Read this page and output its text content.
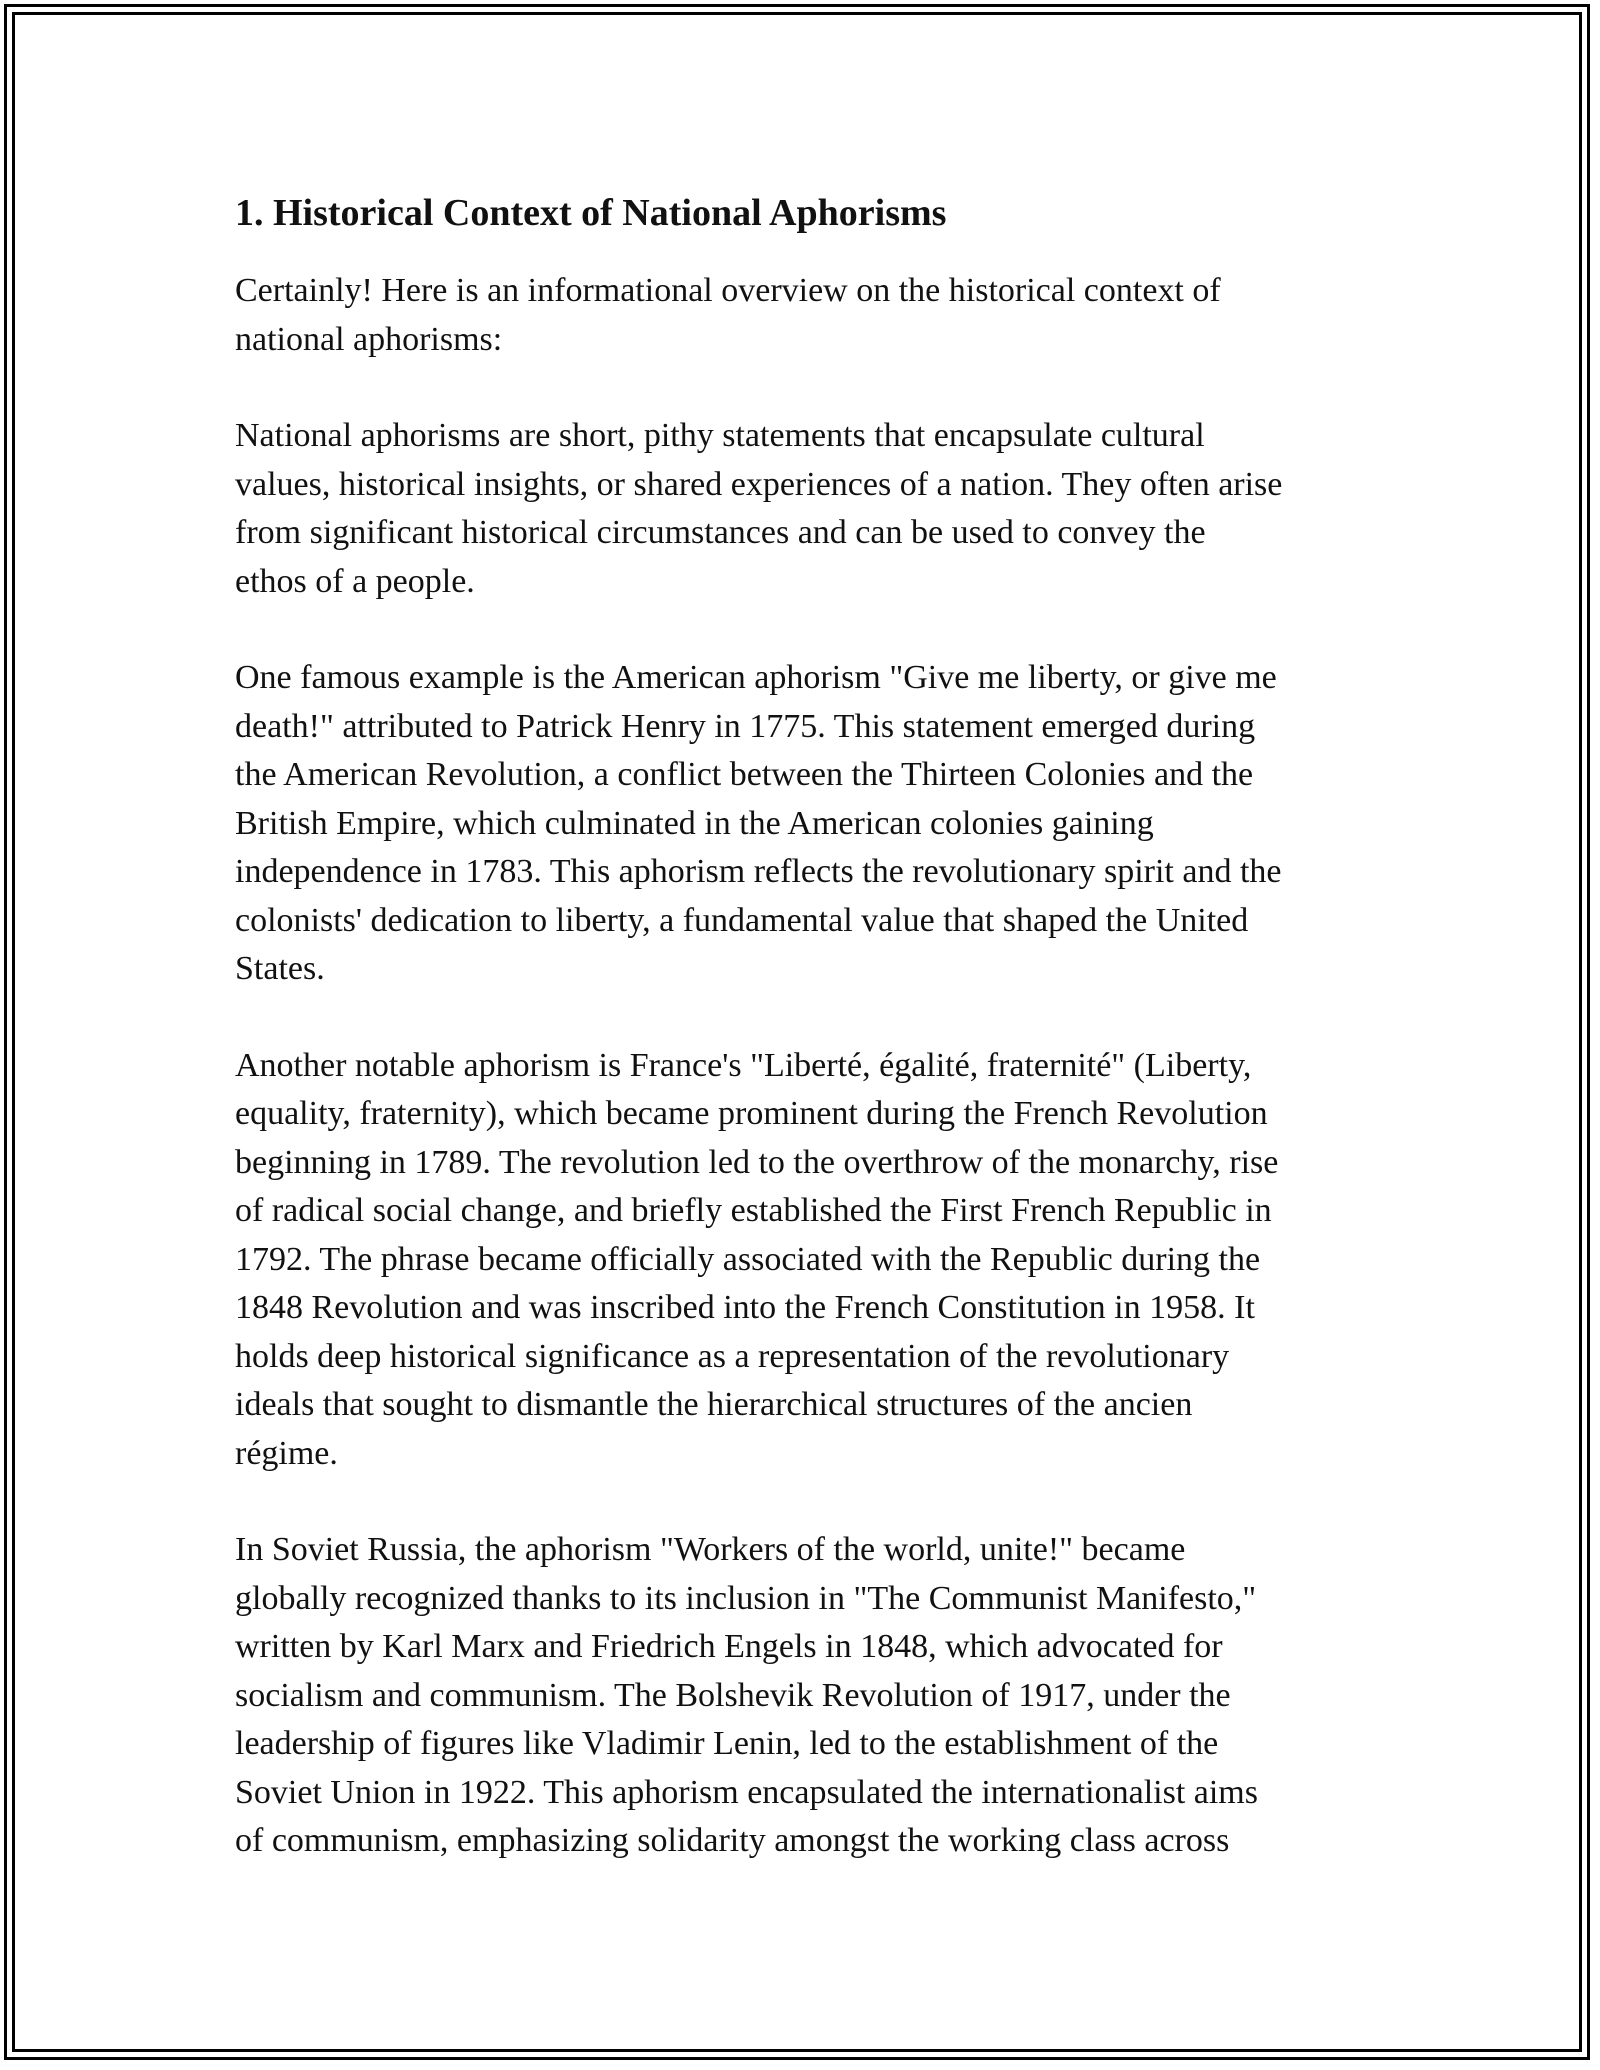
1. Historical Context of National Aphorisms

Certainly! Here is an informational overview on the historical context of
national aphorisms:

National aphorisms are short, pithy statements that encapsulate cultural
values, historical insights, or shared experiences of a nation. They often arise
from significant historical circumstances and can be used to convey the
ethos of a people.

One famous example is the American aphorism "Give me liberty, or give me
death!" attributed to Patrick Henry in 1775. This statement emerged during
the American Revolution, a conflict between the Thirteen Colonies and the
British Empire, which culminated in the American colonies gaining
independence in 1783. This aphorism reflects the revolutionary spirit and the
colonists' dedication to liberty, a fundamental value that shaped the United
States.

Another notable aphorism is France's "Liberté, égalité, fraternité" (Liberty,
equality, fraternity), which became prominent during the French Revolution
beginning in 1789. The revolution led to the overthrow of the monarchy, rise
of radical social change, and briefly established the First French Republic in
1792. The phrase became officially associated with the Republic during the
1848 Revolution and was inscribed into the French Constitution in 1958. It
holds deep historical significance as a representation of the revolutionary
ideals that sought to dismantle the hierarchical structures of the ancien
régime.

In Soviet Russia, the aphorism "Workers of the world, unite!" became
globally recognized thanks to its inclusion in "The Communist Manifesto,"
written by Karl Marx and Friedrich Engels in 1848, which advocated for
socialism and communism. The Bolshevik Revolution of 1917, under the
leadership of figures like Vladimir Lenin, led to the establishment of the
Soviet Union in 1922. This aphorism encapsulated the internationalist aims
of communism, emphasizing solidarity amongst the working class across
